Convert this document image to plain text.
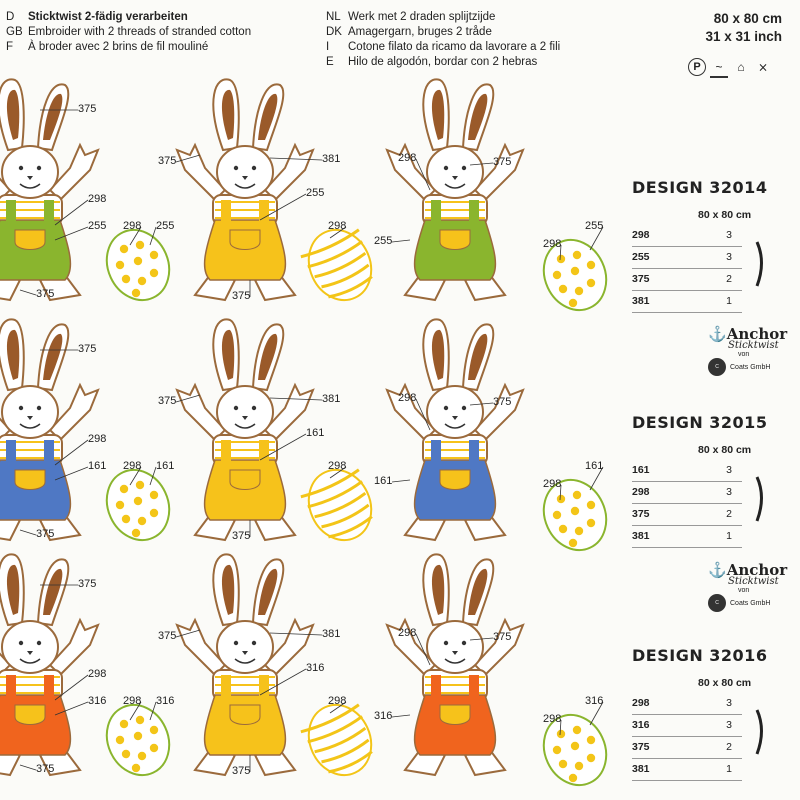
D	Sticktwist 2-fädig verarbeiten
GB Embroider with 2 threads of stranded cotton
F	À broder avec 2 brins de fil mouliné
NL Werk met 2 draden splijtzijde
DK Amagergarn, bruges 2 tråde
I	Cotone filato da ricamo da lavorare a 2 fili
E	Hilo de algodón, bordar con 2 hebras
80 x 80 cm
31 x 31 inch
P	~	⌂	⨯
375
298
255
375
298 255
375	381
255
298
375
298	375
255	298
255
375
298
161
375
298 161
375	381
161
298
375
298	375
161	298
161
375
298
316
375
298 316
375	381
316
298
375
298	375
316	298
316
DESIGN 32014
80 x 80 cm
298	3
255	3
375	2
381	1
DESIGN 32015
80 x 80 cm
161	3
298	3
375	2
381	1
DESIGN 32016
80 x 80 cm
298	3
316	3
375	2
381	1
⚓Anchor
Sticktwist
von
C	Coats GmbH
⚓Anchor
Sticktwist
von
C	Coats GmbH
